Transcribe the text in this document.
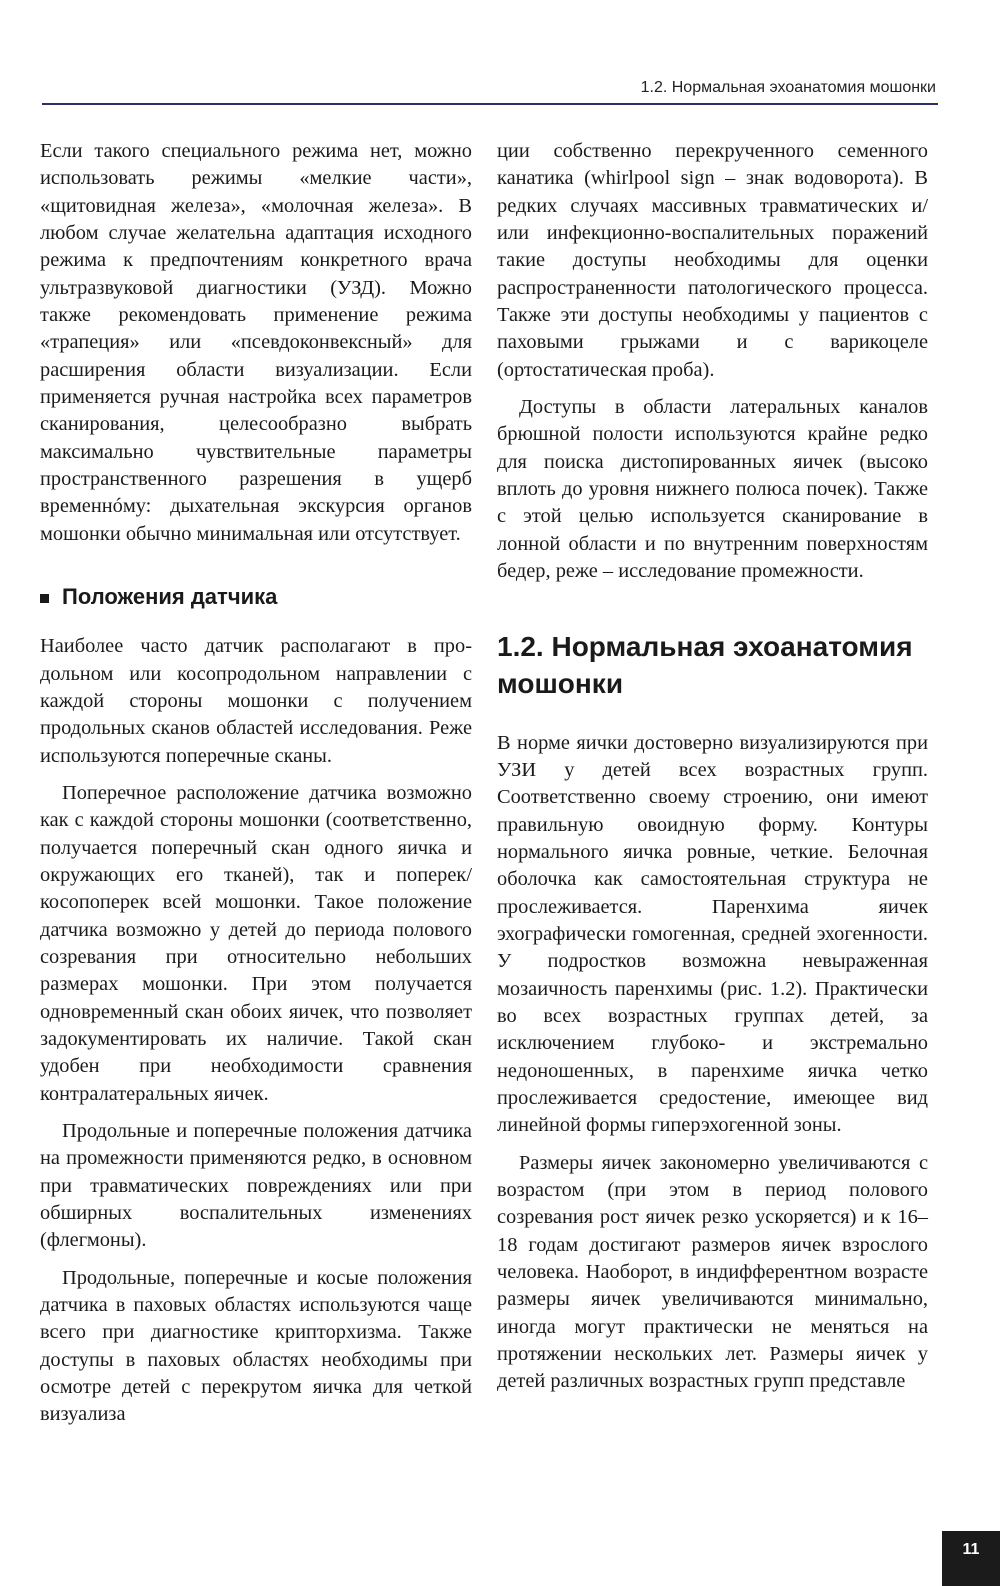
1.2. Нормальная эхоанатомия мошонки

Если такого специального режима нет, можно использовать режимы «мелкие части», «щитовидная железа», «молочная железа». В любом случае желательна адаптация исходного режима к предпочтениям конкретного врача ультразвуковой диагностики (УЗД). Можно также рекомендовать применение режима «трапеция» или «псевдоконвексный» для расширения области визуализации. Если применяется ручная настройка всех параметров сканирования, целесообразно выбрать максимально чувствительные параметры пространственного разрешения в ущерб временнóму: дыхательная экскурсия органов мошонки обычно минимальная или отсутствует.

Положения датчика

Наиболее часто датчик располагают в продольном или косопродольном направлении с каждой стороны мошонки с получением продольных сканов областей исследования. Реже используются поперечные сканы.

Поперечное расположение датчика возможно как с каждой стороны мошонки (соответственно, получается поперечный скан одного яичка и окружающих его тканей), так и поперек/косопоперек всей мошонки. Такое положение датчика возможно у детей до периода полового созревания при относительно небольших размерах мошонки. При этом получается одновременный скан обоих яичек, что позволяет задокументировать их наличие. Такой скан удобен при необходимости сравнения контралатеральных яичек.

Продольные и поперечные положения датчика на промежности применяются редко, в основном при травматических повреждениях или при обширных воспалительных изменениях (флегмоны).

Продольные, поперечные и косые положения датчика в паховых областях используются чаще всего при диагностике крипторхизма. Также доступы в паховых областях необходимы при осмотре детей с перекрутом яичка для четкой визуализа

ции собственно перекрученного семенного канатика (whirlpool sign – знак водоворота). В редких случаях массивных травматических и/или инфекционно-воспалительных поражений такие доступы необходимы для оценки распространенности патологического процесса. Также эти доступы необходимы у пациентов с паховыми грыжами и с варикоцеле (ортостатическая проба).

Доступы в области латеральных каналов брюшной полости используются крайне редко для поиска дистопированных яичек (высоко вплоть до уровня нижнего полюса почек). Также с этой целью используется сканирование в лонной области и по внутренним поверхностям бедер, реже – исследование промежности.

1.2. Нормальная эхоанатомия мошонки

В норме яички достоверно визуализируются при УЗИ у детей всех возрастных групп. Соответственно своему строению, они имеют правильную овоидную форму. Контуры нормального яичка ровные, четкие. Белочная оболочка как самостоятельная структура не прослеживается. Паренхима яичек эхографически гомогенная, средней эхогенности. У подростков возможна невыраженная мозаичность паренхимы (рис. 1.2). Практически во всех возрастных группах детей, за исключением глубоко- и экстремально недоношенных, в паренхиме яичка четко прослеживается средостение, имеющее вид линейной формы гиперэхогенной зоны.

Размеры яичек закономерно увеличиваются с возрастом (при этом в период полового созревания рост яичек резко ускоряется) и к 16–18 годам достигают размеров яичек взрослого человека. Наоборот, в индифферентном возрасте размеры яичек увеличиваются минимально, иногда могут практически не меняться на протяжении нескольких лет. Размеры яичек у детей различных возрастных групп представле

11
